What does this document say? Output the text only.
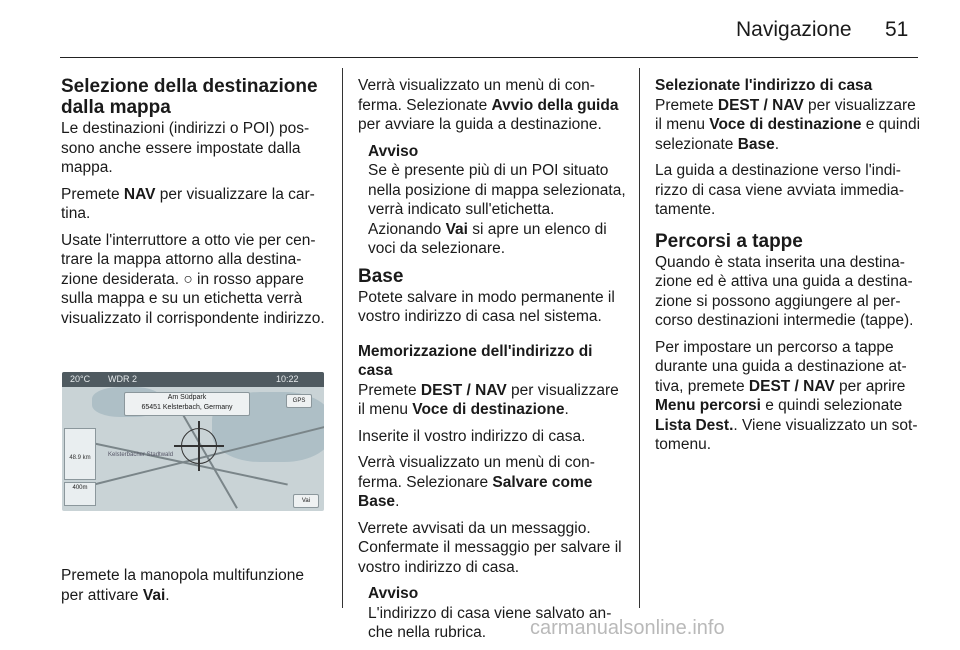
Navigazione 51
Selezione della destinazione dalla mappa

Le destinazioni (indirizzi o POI) possono anche essere impostate dalla mappa.

Premete NAV per visualizzare la cartina.

Usate l'interruttore a otto vie per centrare la mappa attorno alla destinazione desiderata. ○ in rosso appare sulla mappa e su un etichetta verrà visualizzato il corrispondente indirizzo.

20°C WDR 2	10:22
Am Südpark
65451 Kelsterbach, Germany
GPS
Vai
48.9 km
400m
Kelsterbacher Stadtwald

Premete la manopola multifunzione per attivare Vai.

Verrà visualizzato un menù di conferma. Selezionate Avvio della guida per avviare la guida a destinazione.

Avviso
Se è presente più di un POI situato nella posizione di mappa selezionata, verrà indicato sull'etichetta. Azionando Vai si apre un elenco di voci da selezionare.
Base

Potete salvare in modo permanente il vostro indirizzo di casa nel sistema.

Memorizzazione dell'indirizzo di casa

Premete DEST / NAV per visualizzare il menu Voce di destinazione.

Inserite il vostro indirizzo di casa.

Verrà visualizzato un menù di conferma. Selezionare Salvare come Base.

Verrete avvisati da un messaggio. Confermate il messaggio per salvare il vostro indirizzo di casa.

Avviso
L'indirizzo di casa viene salvato anche nella rubrica.

Selezionate l'indirizzo di casa

Premete DEST / NAV per visualizzare il menu Voce di destinazione e quindi selezionate Base.

La guida a destinazione verso l'indirizzo di casa viene avviata immediatamente.

Percorsi a tappe

Quando è stata inserita una destinazione ed è attiva una guida a destinazione si possono aggiungere al percorso destinazioni intermedie (tappe).

Per impostare un percorso a tappe durante una guida a destinazione attiva, premete DEST / NAV per aprire Menu percorsi e quindi selezionate Lista Dest.. Viene visualizzato un sottomenu.

carmanualsonline.info
